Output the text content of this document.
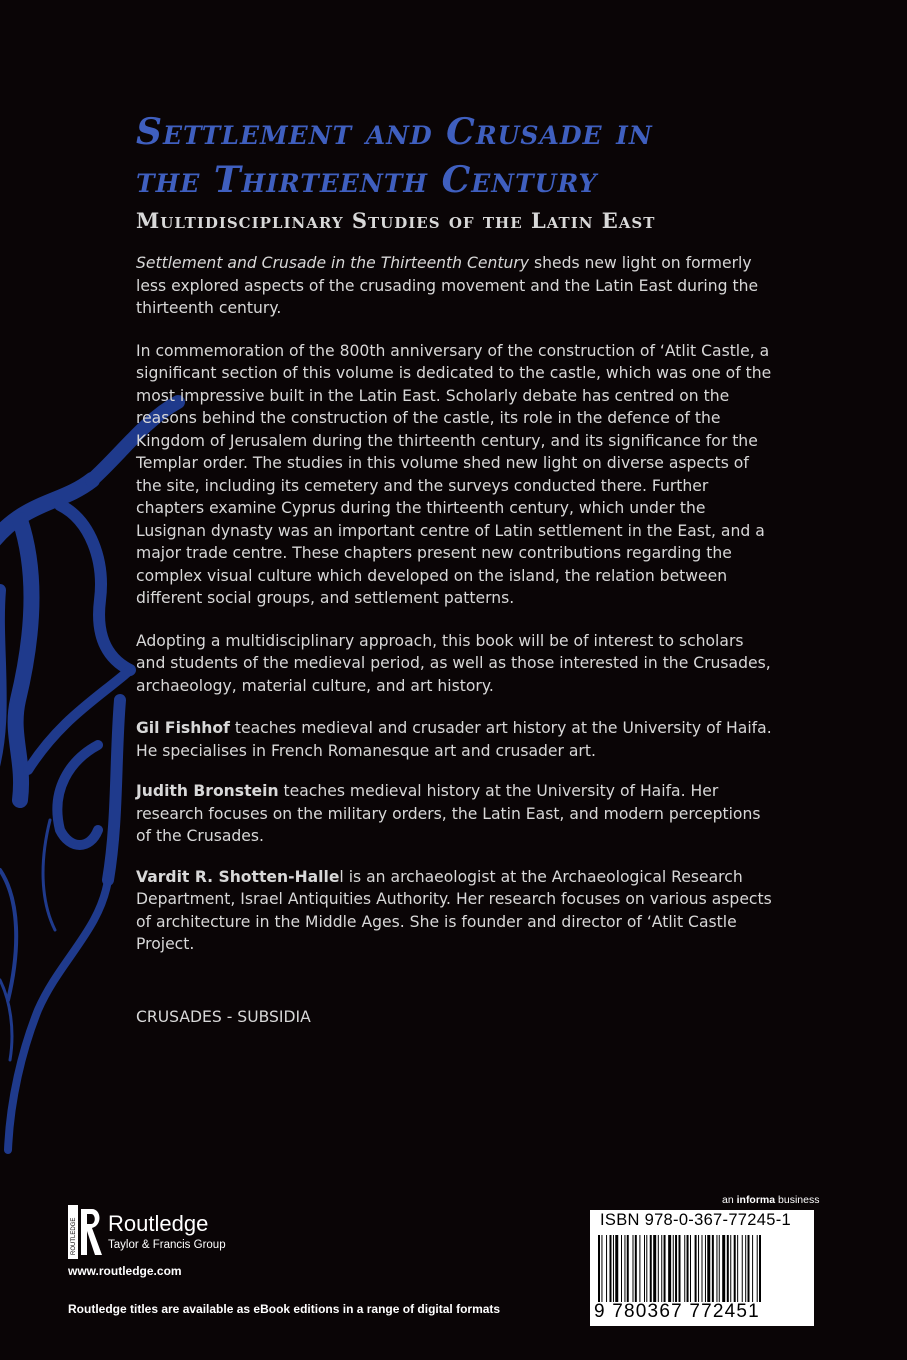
Settlement and Crusade in
the Thirteenth Century
Multidisciplinary Studies of the Latin East

Settlement and Crusade in the Thirteenth Century sheds new light on formerly less explored aspects of the crusading movement and the Latin East during the thirteenth century.

In commemoration of the 800th anniversary of the construction of ‘Atlit Castle, a significant section of this volume is dedicated to the castle, which was one of the most impressive built in the Latin East. Scholarly debate has centred on the reasons behind the construction of the castle, its role in the defence of the Kingdom of Jerusalem during the thirteenth century, and its significance for the Templar order. The studies in this volume shed new light on diverse aspects of the site, including its cemetery and the surveys conducted there. Further chapters examine Cyprus during the thirteenth century, which under the Lusignan dynasty was an important centre of Latin settlement in the East, and a major trade centre. These chapters present new contributions regarding the complex visual culture which developed on the island, the relation between different social groups, and settlement patterns.

Adopting a multidisciplinary approach, this book will be of interest to scholars and students of the medieval period, as well as those interested in the Crusades, archaeology, material culture, and art history.

Gil Fishhof teaches medieval and crusader art history at the University of Haifa. He specialises in French Romanesque art and crusader art.

Judith Bronstein teaches medieval history at the University of Haifa. Her research focuses on the military orders, the Latin East, and modern perceptions of the Crusades.

Vardit R. Shotten-Hallel is an archaeologist at the Archaeological Research Department, Israel Antiquities Authority. Her research focuses on various aspects of architecture in the Middle Ages. She is founder and director of ‘Atlit Castle Project.

CRUSADES - SUBSIDIA
ROUTLEDGE Routledge
Taylor & Francis Group
www.routledge.com
Routledge titles are available as eBook editions in a range of digital formats
an informa business
ISBN 978-0-367-77245-1
9 780367 772451
